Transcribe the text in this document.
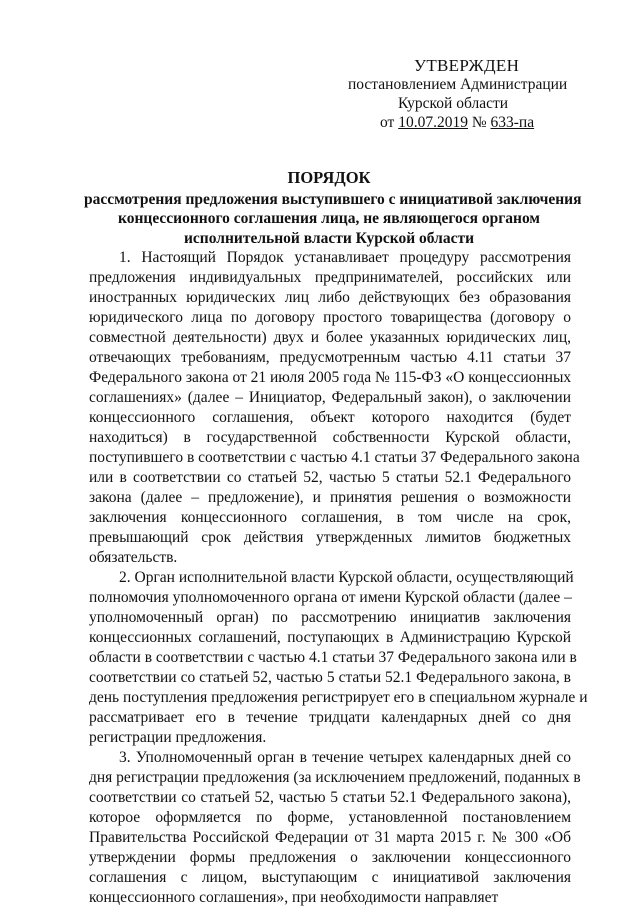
УТВЕРЖДЕН
постановлением Администрации
Курской области
от 10.07.2019 № 633-па
ПОРЯДОК
рассмотрения предложения выступившего с инициативой заключения
концессионного соглашения лица, не являющегося органом
исполнительной власти Курской области
1. Настоящий Порядок устанавливает процедуру рассмотрения
предложения индивидуальных предпринимателей, российских или
иностранных юридических лиц либо действующих без образования
юридического лица по договору простого товарищества (договору о
совместной деятельности) двух и более указанных юридических лиц,
отвечающих требованиям, предусмотренным частью 4.11 статьи 37
Федерального закона от 21 июля 2005 года № 115-ФЗ «О концессионных
соглашениях» (далее – Инициатор, Федеральный закон), о заключении
концессионного соглашения, объект которого находится (будет
находиться) в государственной собственности Курской области,
поступившего в соответствии с частью 4.1 статьи 37 Федерального закона
или в соответствии со статьей 52, частью 5 статьи 52.1 Федерального
закона (далее – предложение), и принятия решения о возможности
заключения концессионного соглашения, в том числе на срок,
превышающий срок действия утвержденных лимитов бюджетных
обязательств.
2. Орган исполнительной власти Курской области, осуществляющий
полномочия уполномоченного органа от имени Курской области (далее –
уполномоченный орган) по рассмотрению инициатив заключения
концессионных соглашений, поступающих в Администрацию Курской
области в соответствии с частью 4.1 статьи 37 Федерального закона или в
соответствии со статьей 52, частью 5 статьи 52.1 Федерального закона, в
день поступления предложения регистрирует его в специальном журнале и
рассматривает его в течение тридцати календарных дней со дня
регистрации предложения.
3. Уполномоченный орган в течение четырех календарных дней со
дня регистрации предложения (за исключением предложений, поданных в
соответствии со статьей 52, частью 5 статьи 52.1 Федерального закона),
которое оформляется по форме, установленной постановлением
Правительства Российской Федерации от 31 марта 2015 г. № 300 «Об
утверждении формы предложения о заключении концессионного
соглашения с лицом, выступающим с инициативой заключения
концессионного соглашения», при необходимости направляет
